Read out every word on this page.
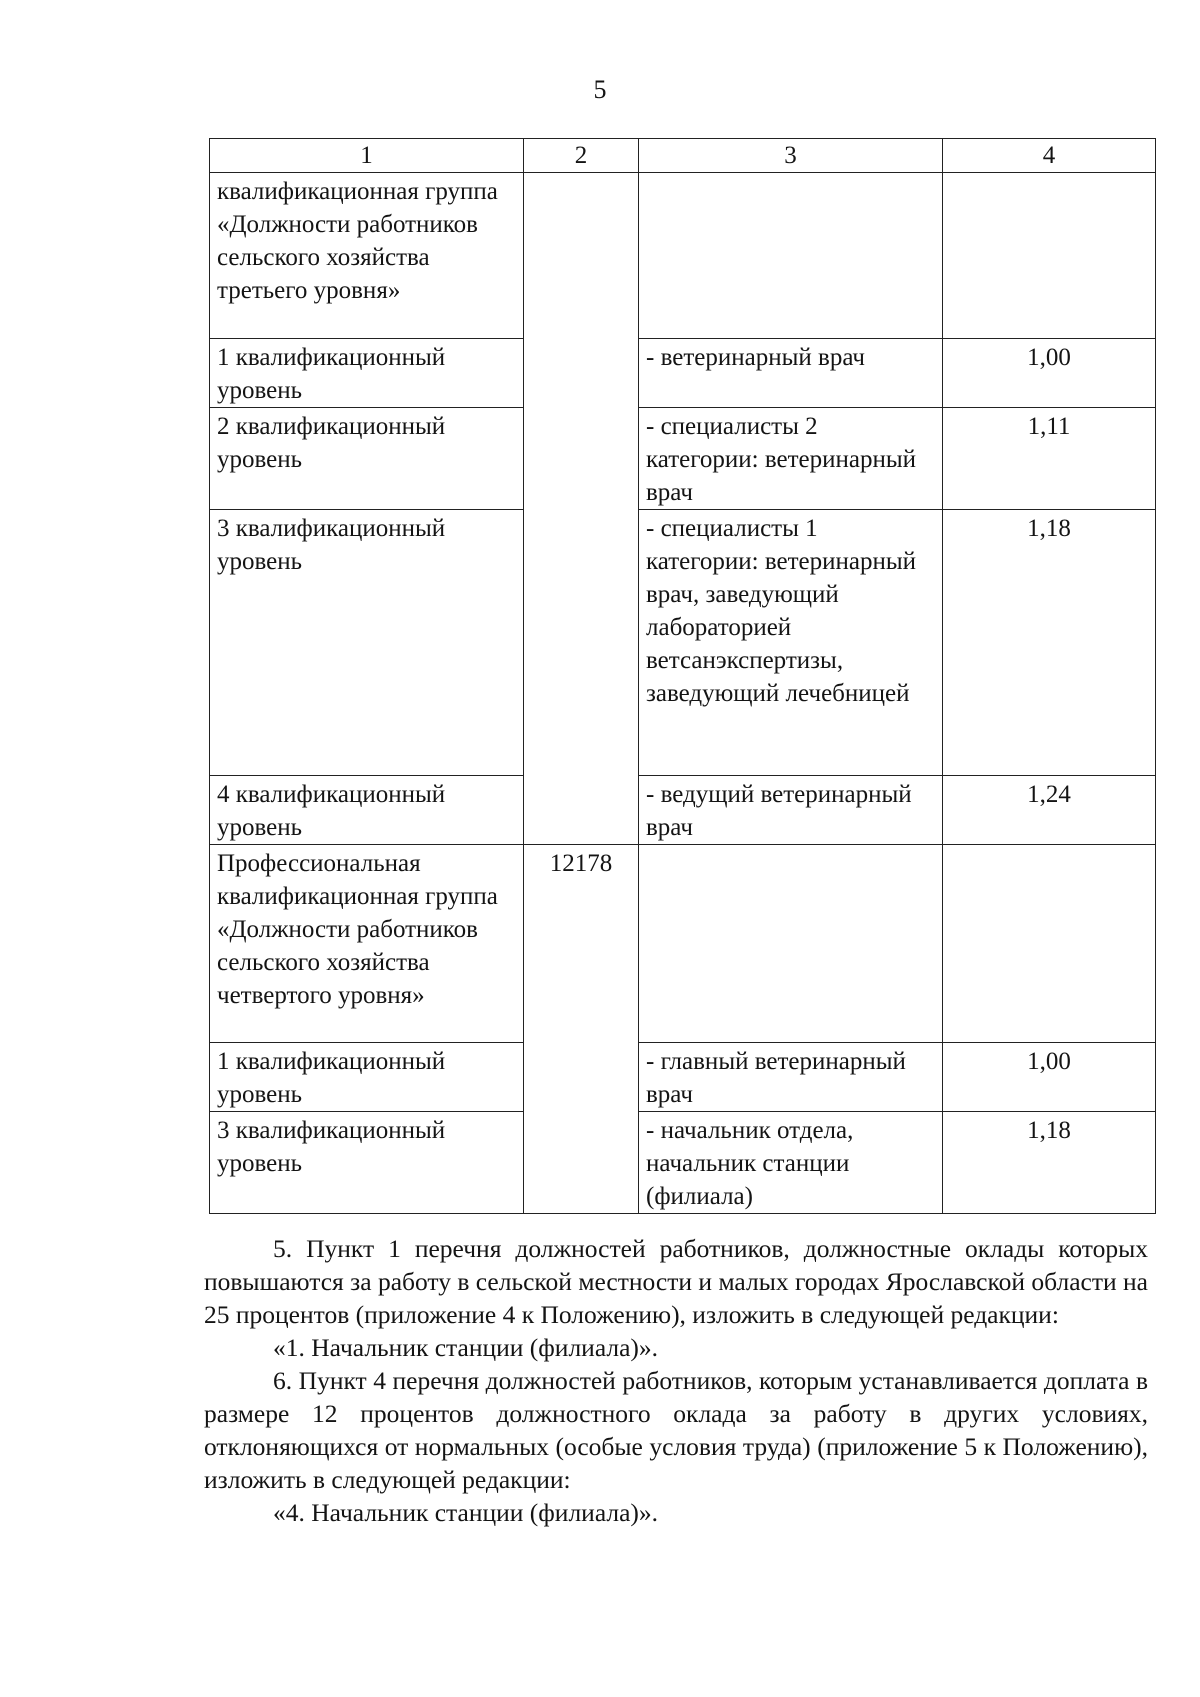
5
1	2	3	4
квалификационная группа «Должности работников сельского хозяйства третьего уровня»			
1 квалификационный уровень		- ветеринарный врач	1,00
2 квалификационный уровень		- специалисты 2 категории: ветеринарный врач	1,11
3 квалификационный уровень		- специалисты 1 категории: ветеринарный врач, заведующий лабораторией ветсанэкспертизы, заведующий лечебницей	1,18
4 квалификационный уровень		- ведущий ветеринарный врач	1,24
Профессиональная квалификационная группа «Должности работников сельского хозяйства четвертого уровня»	12178		
1 квалификационный уровень		- главный ветеринарный врач	1,00
3 квалификационный уровень		- начальник отдела, начальник станции (филиала)	1,18

5. Пункт 1 перечня должностей работников, должностные оклады которых повышаются за работу в сельской местности и малых городах Ярославской области на 25 процентов (приложение 4 к Положению), изложить в следующей редакции:

«1. Начальник станции (филиала)».

6. Пункт 4 перечня должностей работников, которым устанавливается доплата в размере 12 процентов должностного оклада за работу в других условиях, отклоняющихся от нормальных (особые условия труда) (приложение 5 к Положению), изложить в следующей редакции:

«4. Начальник станции (филиала)».
